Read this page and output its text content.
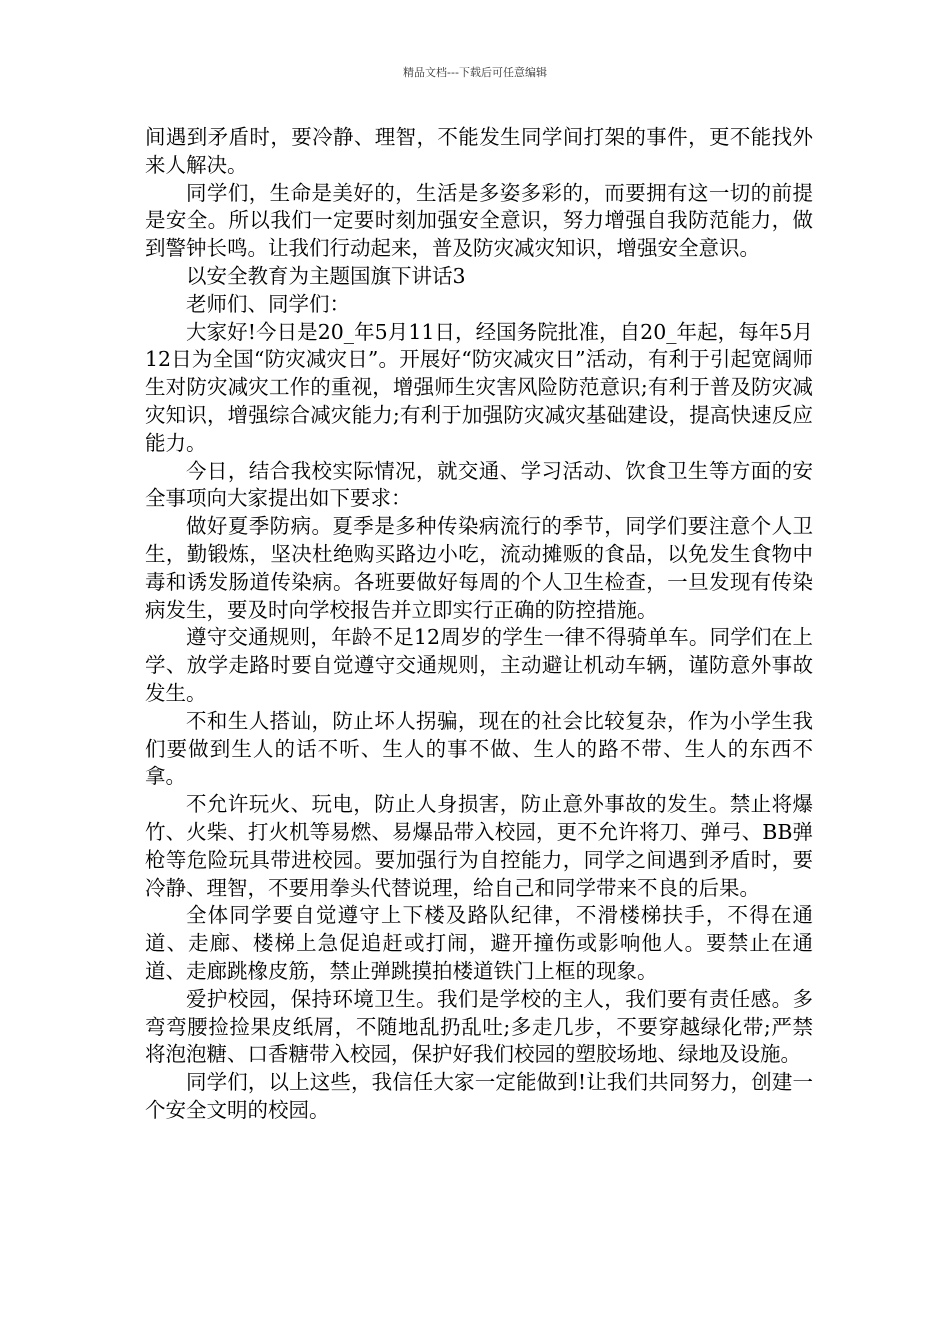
精品文档---下载后可任意编辑

间遇到矛盾时，要冷静、理智，不能发生同学间打架的事件，更不能找外来人解决。

同学们，生命是美好的，生活是多姿多彩的，而要拥有这一切的前提是安全。所以我们一定要时刻加强安全意识，努力增强自我防范能力，做到警钟长鸣。让我们行动起来，普及防灾减灾知识，增强安全意识。

以安全教育为主题国旗下讲话3

老师们、同学们：

大家好!今日是20_年5月11日，经国务院批准，自20_年起，每年5月12日为全国“防灾减灾日”。开展好“防灾减灾日”活动，有利于引起宽阔师生对防灾减灾工作的重视，增强师生灾害风险防范意识;有利于普及防灾减灾知识，增强综合减灾能力;有利于加强防灾减灾基础建设，提高快速反应能力。

今日，结合我校实际情况，就交通、学习活动、饮食卫生等方面的安全事项向大家提出如下要求：

做好夏季防病。夏季是多种传染病流行的季节，同学们要注意个人卫生，勤锻炼，坚决杜绝购买路边小吃，流动摊贩的食品，以免发生食物中毒和诱发肠道传染病。各班要做好每周的个人卫生检查，一旦发现有传染病发生，要及时向学校报告并立即实行正确的防控措施。

遵守交通规则，年龄不足12周岁的学生一律不得骑单车。同学们在上学、放学走路时要自觉遵守交通规则，主动避让机动车辆，谨防意外事故发生。

不和生人搭讪，防止坏人拐骗，现在的社会比较复杂，作为小学生我们要做到生人的话不听、生人的事不做、生人的路不带、生人的东西不拿。

不允许玩火、玩电，防止人身损害，防止意外事故的发生。禁止将爆竹、火柴、打火机等易燃、易爆品带入校园，更不允许将刀、弹弓、BB弹枪等危险玩具带进校园。要加强行为自控能力，同学之间遇到矛盾时，要冷静、理智，不要用拳头代替说理，给自己和同学带来不良的后果。

全体同学要自觉遵守上下楼及路队纪律，不滑楼梯扶手，不得在通道、走廊、楼梯上急促追赶或打闹，避开撞伤或影响他人。要禁止在通道、走廊跳橡皮筋，禁止弹跳摸拍楼道铁门上框的现象。

爱护校园，保持环境卫生。我们是学校的主人，我们要有责任感。多弯弯腰捡捡果皮纸屑，不随地乱扔乱吐;多走几步，不要穿越绿化带;严禁将泡泡糖、口香糖带入校园，保护好我们校园的塑胶场地、绿地及设施。

同学们，以上这些，我信任大家一定能做到!让我们共同努力，创建一个安全文明的校园。
